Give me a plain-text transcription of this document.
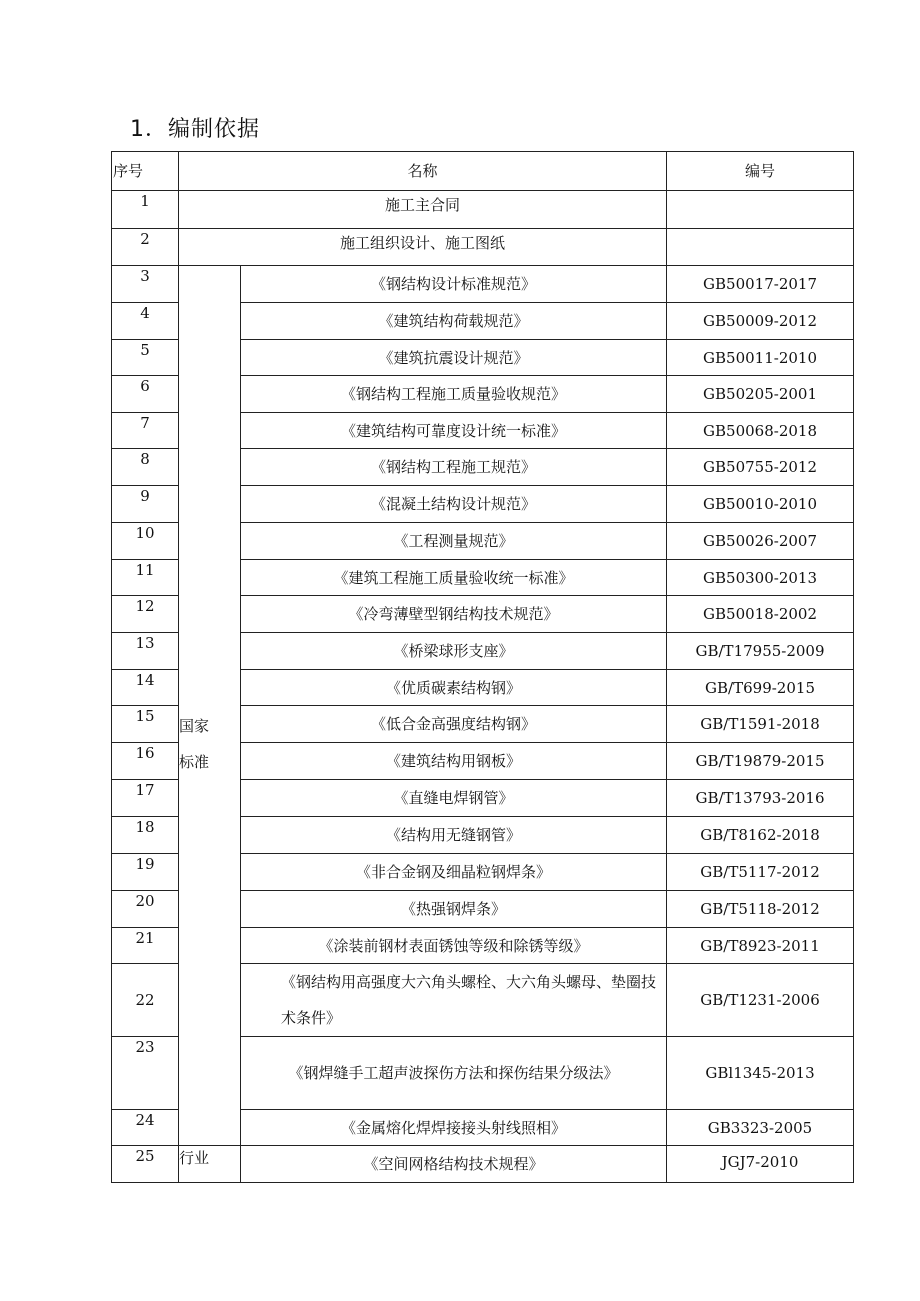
1．编制依据
序号	名称		编号
1	施工主合同		
2	施工组织设计、施工图纸		
3	国家标准	《钢结构设计标准规范》	GB50017-2017
4		《建筑结构荷载规范》	GB50009-2012
5		《建筑抗震设计规范》	GB50011-2010
6		《钢结构工程施工质量验收规范》	GB50205-2001
7		《建筑结构可靠度设计统一标准》	GB50068-2018
8		《钢结构工程施工规范》	GB50755-2012
9		《混凝土结构设计规范》	GB50010-2010
10		《工程测量规范》	GB50026-2007
11		《建筑工程施工质量验收统一标准》	GB50300-2013
12		《冷弯薄壁型钢结构技术规范》	GB50018-2002
13		《桥梁球形支座》	GB/T17955-2009
14		《优质碳素结构钢》	GB/T699-2015
15		《低合金高强度结构钢》	GB/T1591-2018
16		《建筑结构用钢板》	GB/T19879-2015
17		《直缝电焊钢管》	GB/T13793-2016
18		《结构用无缝钢管》	GB/T8162-2018
19		《非合金钢及细晶粒钢焊条》	GB/T5117-2012
20		《热强钢焊条》	GB/T5118-2012
21		《涂装前钢材表面锈蚀等级和除锈等级》	GB/T8923-2011
22		《钢结构用高强度大六角头螺栓、大六角头螺母、垫圈技术条件》	GB/T1231-2006
23		《钢焊缝手工超声波探伤方法和探伤结果分级法》	GBl1345-2013
24		《金属熔化焊焊接接头射线照相》	GB3323-2005
25	行业	《空间网格结构技术规程》	JGJ7-2010
